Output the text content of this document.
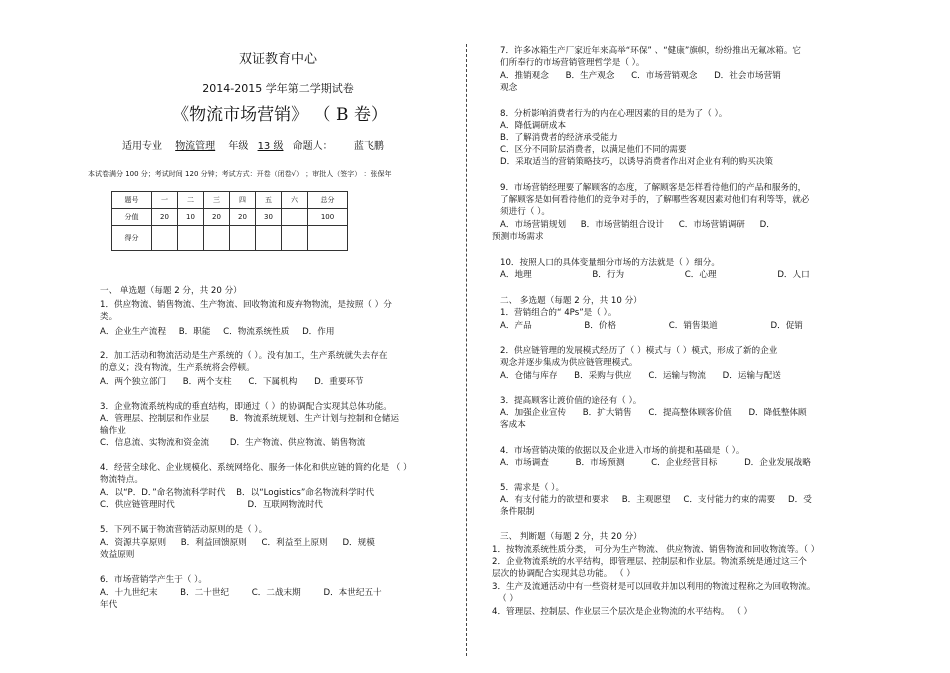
双证教育中心
2014-2015 学年第二学期试卷
《物流市场营销》 （ B 卷）
适用专业 物流管理 年级 13 级 命题人： 蓝飞鹏
本试卷满分 100 分；考试时间 120 分钟；考试方式：开卷（闭卷√） ；审批人（签字） ：张保年
题号	一	二	三	四	五	六	总分
分值	20	10	20	20	30		100
得分							
一、 单选题（每题 2 分，共 20 分）
1．供应物流、销售物流、生产物流、回收物流和废弃物物流，是按照（ ）分
类。
A．企业生产流程 B．职能 C．物流系统性质 D．作用
2．加工活动和物流活动是生产系统的（ ）。没有加工，生产系统就失去存在
的意义；没有物流，生产系统将会停顿。
A．两个独立部门 B．两个支柱 C．下属机构 D．重要环节
3．企业物流系统构成的垂直结构，即通过（ ）的协调配合实现其总体功能。
A．管理层、控制层和作业层 B．物流系统规划、生产计划与控制和仓储运
输作业
C．信息流、实物流和资金流 D．生产物流、供应物流、销售物流
4．经营全球化、企业规模化、系统网络化、服务一体化和供应链的简约化是 （ ）
物流特点。
A．以“P．D．”命名物流科学时代 B．以“Logistics”命名物流科学时代
C．供应链管理时代 D．互联网物流时代
5．下列不属于物流营销活动原则的是（ ）。
A．资源共享原则 B．利益回馈原则 C．利益至上原则 D．规模
效益原则
6．市场营销学产生于（ ）。
A．十九世纪末 B．二十世纪 C．二战末期 D．本世纪五十
年代
7．许多冰箱生产厂家近年来高举“环保” 、“健康”旗帜，纷纷推出无氟冰箱。它
们所奉行的市场营销管理哲学是（ ）。
A．推销观念 B．生产观念 C．市场营销观念 D．社会市场营销
观念
8．分析影响消费者行为的内在心理因素的目的是为了（ ）。
A．降低调研成本
B．了解消费者的经济承受能力
C．区分不同阶层消费者，以满足他们不同的需要
D．采取适当的营销策略技巧，以诱导消费者作出对企业有利的购买决策
9．市场营销经理要了解顾客的态度，了解顾客是怎样看待他们的产品和服务的，
了解顾客是如何看待他们的竞争对手的，了解哪些客观因素对他们有利等等，就必
须进行（ ）。
A．市场营销规划 B．市场营销组合设计 C．市场营销调研 D．
预测市场需求
10．按照人口的具体变量细分市场的方法就是（ ）细分。
A．地理 B．行为 C．心理 D．人口
二、 多选题（每题 2 分，共 10 分）
1．营销组合的“ 4Ps”是（ ）。
A．产品 B．价格 C．销售渠道 D．促销
2．供应链管理的发展模式经历了（ ）模式与（ ）模式，形成了新的企业
观念并逐步集成为供应链管理模式。
A．仓储与库存 B．采购与供应 C．运输与物流 D．运输与配送
3．提高顾客让渡价值的途径有（ ）。
A．加强企业宣传 B．扩大销售 C．提高整体顾客价值 D．降低整体顾
客成本
4．市场营销决策的依据以及企业进入市场的前提和基础是（ ）。
A．市场调查 B．市场预测 C．企业经营目标 D．企业发展战略
5．需求是（ ）。
A．有支付能力的欲望和要求 B．主观愿望 C．支付能力约束的需要 D．受
条件限制
三、 判断题（每题 2 分，共 20 分）
1．按物流系统性质分类， 可分为生产物流、 供应物流、销售物流和回收物流等。（ ）
2．企业物流系统的水平结构，即管理层、控制层和作业层。物流系统是通过这三个
层次的协调配合实现其总功能。 （ ）
3．生产及流通活动中有一些资材是可以回收并加以利用的物流过程称之为回收物流。
（ ）
4．管理层、控制层、作业层三个层次是企业物流的水平结构。 （ ）
